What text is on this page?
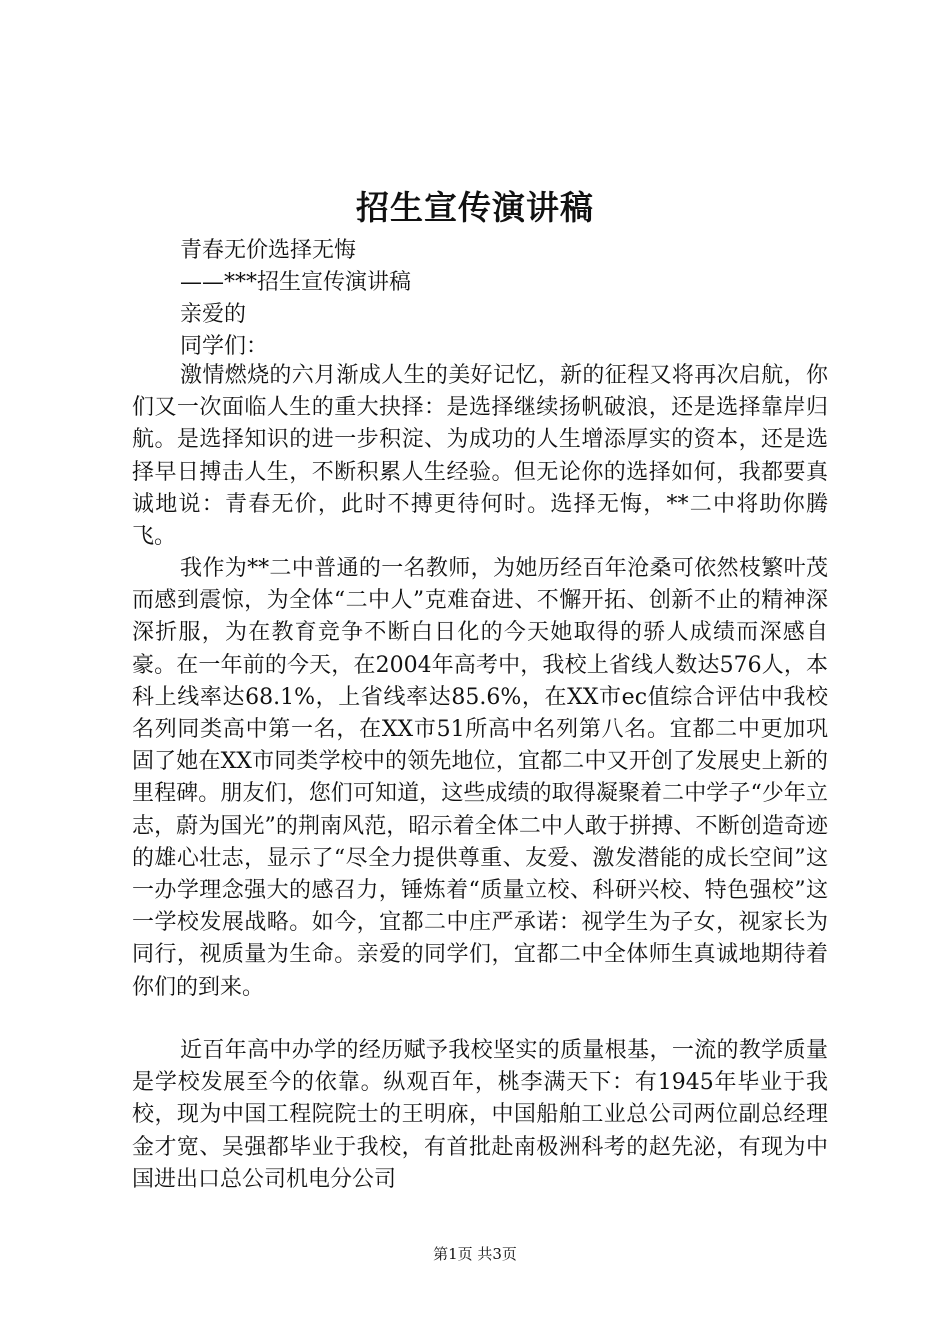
招生宣传演讲稿
青春无价选择无悔
——***招生宣传演讲稿
亲爱的
同学们：

激情燃烧的六月渐成人生的美好记忆，新的征程又将再次启航，你们又一次面临人生的重大抉择：是选择继续扬帆破浪，还是选择靠岸归航。是选择知识的进一步积淀、为成功的人生增添厚实的资本，还是选择早日搏击人生，不断积累人生经验。但无论你的选择如何，我都要真诚地说：青春无价，此时不搏更待何时。选择无悔，**二中将助你腾飞。

我作为**二中普通的一名教师，为她历经百年沧桑可依然枝繁叶茂而感到震惊，为全体“二中人”克难奋进、不懈开拓、创新不止的精神深深折服，为在教育竞争不断白日化的今天她取得的骄人成绩而深感自豪。在一年前的今天，在2004年高考中，我校上省线人数达576人，本科上线率达68.1%，上省线率达85.6%，在XX市ec值综合评估中我校名列同类高中第一名，在XX市51所高中名列第八名。宜都二中更加巩固了她在XX市同类学校中的领先地位，宜都二中又开创了发展史上新的里程碑。朋友们，您们可知道，这些成绩的取得凝聚着二中学子“少年立志，蔚为国光”的荆南风范，昭示着全体二中人敢于拼搏、不断创造奇迹的雄心壮志，显示了“尽全力提供尊重、友爱、激发潜能的成长空间”这一办学理念强大的感召力，锤炼着“质量立校、科研兴校、特色强校”这一学校发展战略。如今，宜都二中庄严承诺：视学生为子女，视家长为同行，视质量为生命。亲爱的同学们，宜都二中全体师生真诚地期待着你们的到来。

近百年高中办学的经历赋予我校坚实的质量根基，一流的教学质量是学校发展至今的依靠。纵观百年，桃李满天下：有1945年毕业于我校，现为中国工程院院士的王明庥，中国船舶工业总公司两位副总经理金才宽、吴强都毕业于我校，有首批赴南极洲科考的赵先泌，有现为中国进出口总公司机电分公司

第1页 共3页
